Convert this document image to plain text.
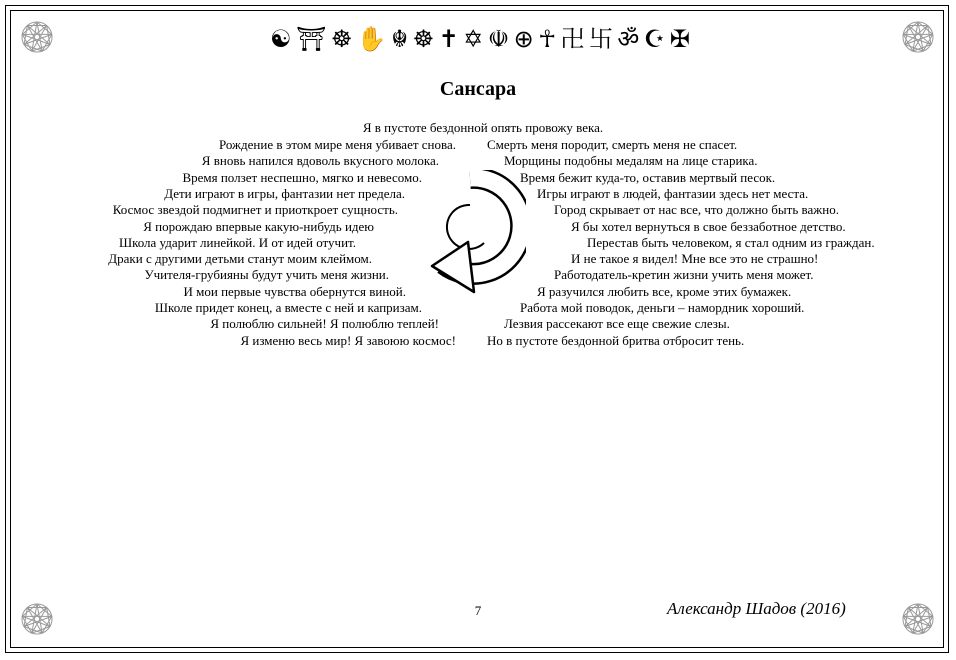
☯ ⛩ ☸ ✋ ☬ ☸ ✝ ✡ ☫ ⊕ ☥ 卍 卐 ॐ ☪ ✠
Сансара
Я в пустоте бездонной опять провожу века.
Рождение в этом мире меня убивает снова.
Я вновь напился вдоволь вкусного молока.
Время ползет неспешно, мягко и невесомо.
Дети играют в игры, фантазии нет предела.
Космос звездой подмигнет и приоткроет сущность.
Я порождаю впервые какую-нибудь идею
Школа ударит линейкой. И от идей отучит.
Драки с другими детьми станут моим клеймом.
Учителя-грубияны будут учить меня жизни.
И мои первые чувства обернутся виной.
Школе придет конец, а вместе с ней и капризам.
Я полюблю сильней! Я полюблю теплей!
Я изменю весь мир! Я завоюю космос!
Смерть меня породит, смерть меня не спасет.
Морщины подобны медалям на лице старика.
Время бежит куда-то, оставив мертвый песок.
Игры играют в людей, фантазии здесь нет места.
Город скрывает от нас все, что должно быть важно.
Я бы хотел вернуться в свое беззаботное детство.
Перестав быть человеком, я стал одним из граждан.
И не такое я видел! Мне все это не страшно!
Работодатель-кретин жизни учить меня может.
Я разучился любить все, кроме этих бумажек.
Работа мой поводок, деньги – намордник хороший.
Лезвия рассекают все еще свежие слезы.
Но в пустоте бездонной бритва отбросит тень.
7	Александр Шадов (2016)
